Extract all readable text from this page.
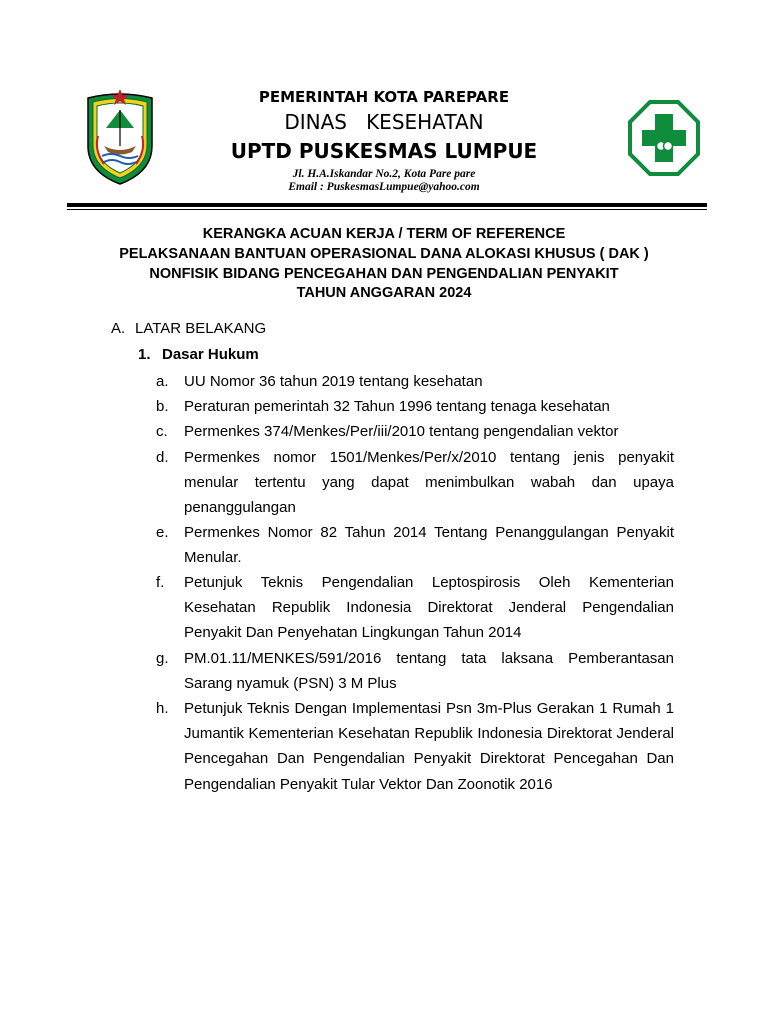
PEMERINTAH KOTA PAREPARE
DINAS   KESEHATAN
UPTD PUSKESMAS LUMPUE
Jl. H.A.Iskandar No.2, Kota Pare pare
Email : PuskesmasLumpue@yahoo.com
KERANGKA ACUAN KERJA / TERM OF REFERENCE
PELAKSANAAN BANTUAN OPERASIONAL DANA ALOKASI KHUSUS ( DAK )
NONFISIK BIDANG PENCEGAHAN DAN PENGENDALIAN PENYAKIT
TAHUN ANGGARAN 2024
A. LATAR BELAKANG
1. Dasar Hukum
a. UU Nomor 36 tahun 2019 tentang kesehatan
b. Peraturan pemerintah 32 Tahun 1996 tentang tenaga kesehatan
c. Permenkes 374/Menkes/Per/iii/2010 tentang pengendalian vektor
d. Permenkes nomor 1501/Menkes/Per/x/2010 tentang jenis penyakit menular tertentu yang dapat menimbulkan wabah dan upaya penanggulangan
e. Permenkes Nomor 82 Tahun 2014 Tentang Penanggulangan Penyakit Menular.
f. Petunjuk Teknis Pengendalian Leptospirosis Oleh Kementerian Kesehatan Republik Indonesia Direktorat Jenderal Pengendalian Penyakit Dan Penyehatan Lingkungan Tahun 2014
g. PM.01.11/MENKES/591/2016 tentang tata laksana Pemberantasan Sarang nyamuk (PSN) 3 M Plus
h. Petunjuk Teknis Dengan Implementasi Psn 3m-Plus Gerakan 1 Rumah 1 Jumantik Kementerian Kesehatan Republik Indonesia Direktorat Jenderal Pencegahan Dan Pengendalian Penyakit Direktorat Pencegahan Dan Pengendalian Penyakit Tular Vektor Dan Zoonotik 2016
